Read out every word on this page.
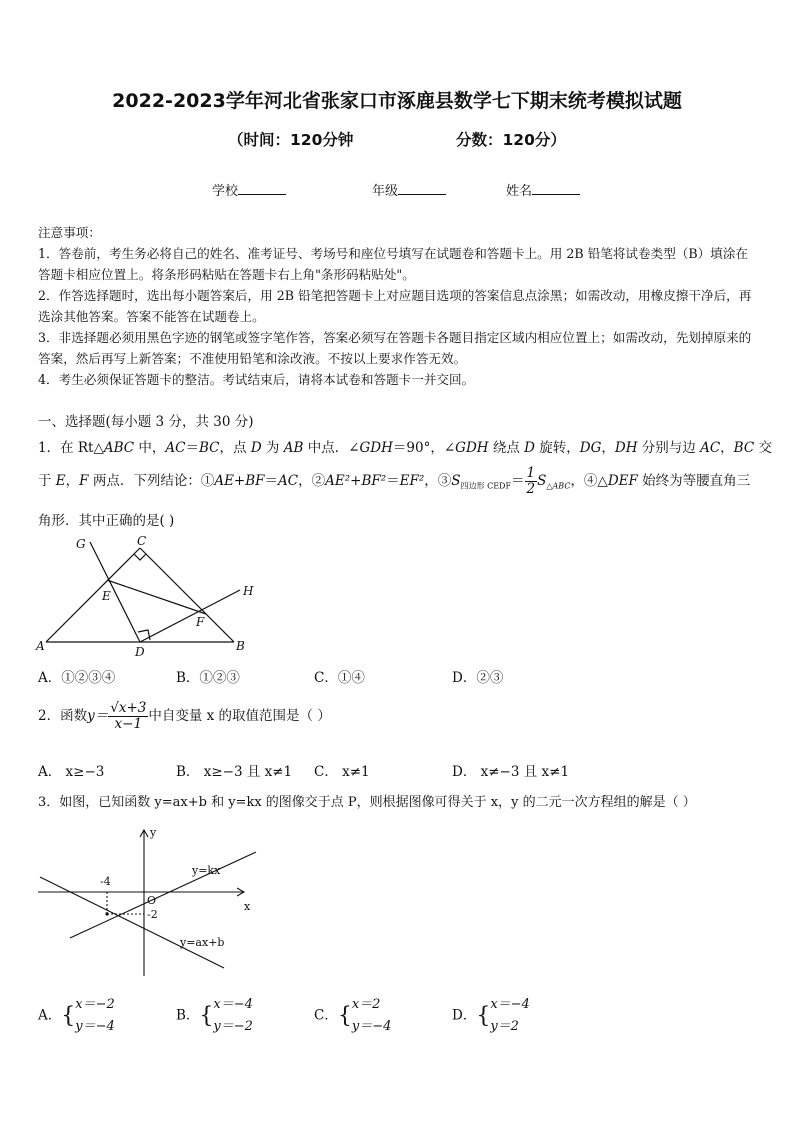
2022-2023学年河北省张家口市涿鹿县数学七下期末统考模拟试题
（时间：120分钟	分数：120分）
学校	年级	姓名
注意事项：
1．答卷前，考生务必将自己的姓名、准考证号、考场号和座位号填写在试题卷和答题卡上。用 2B 铅笔将试卷类型（B）填涂在答题卡相应位置上。将条形码粘贴在答题卡右上角"条形码粘贴处"。
2．作答选择题时，选出每小题答案后，用 2B 铅笔把答题卡上对应题目选项的答案信息点涂黑；如需改动，用橡皮擦干净后，再选涂其他答案。答案不能答在试题卷上。
3．非选择题必须用黑色字迹的钢笔或签字笔作答，答案必须写在答题卡各题目指定区域内相应位置上；如需改动，先划掉原来的答案，然后再写上新答案；不准使用铅笔和涂改液。不按以上要求作答无效。
4．考生必须保证答题卡的整洁。考试结束后，请将本试卷和答题卡一并交回。
一、选择题(每小题 3 分，共 30 分)
1．在 Rt△ABC 中，AC＝BC，点 D 为 AB 中点．∠GDH＝90°，∠GDH 绕点 D 旋转，DG，DH 分别与边 AC，BC 交
于 E，F 两点．下列结论：①AE+BF＝AC，②AE²+BF²＝EF²，$③S_{四边形 CEDF}= \frac{1}{2} S_{\triangle ABC}$，④△DEF 始终为等腰直角三
角形．其中正确的是( )
G	C
H
E
F
A	D	B
A．①②③④	B．①②③	C．①④	D．②③
2．函数$y= \frac{√x+3}{x-1}$ 中自变量 x 的取值范围是（ ）
A． x≥−3	B． x≥−3 且 x≠1 C． x≠1	D． x≠−3 且 x≠1
3．如图，已知函数 y=ax+b 和 y=kx 的图像交于点 P，则根据图像可得关于 x，y 的二元一次方程组的解是（ ）
y
x
O
-4
-2
y=kx
y=ax+b
A．{ x＝−2
y＝−4
B．{ x＝−4
y＝−2
C．{ x＝2
y＝−4
D．{ x＝−4
y＝2
